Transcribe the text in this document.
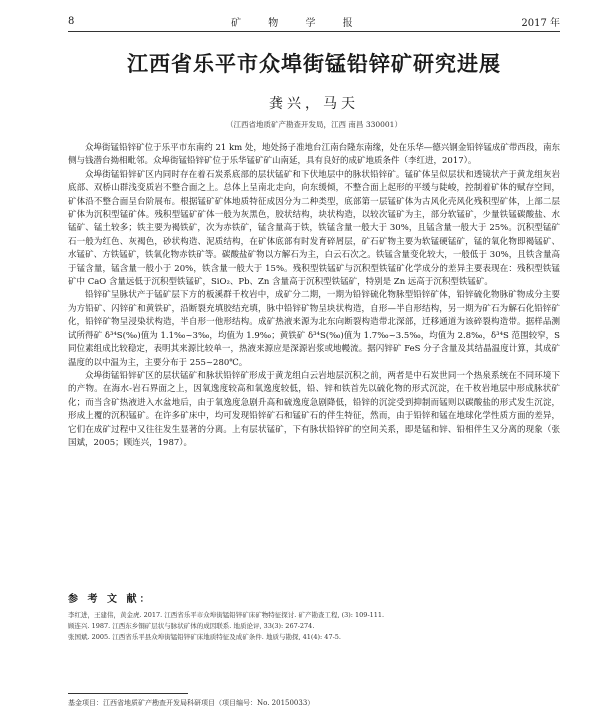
8	矿 物 学 报	2017 年
江西省乐平市众埠街锰铅锌矿研究进展
龚兴，马天
（江西省地质矿产勘查开发局，江西 南昌 330001）

众埠街锰铅锌矿位于乐平市东南约 21 km 处，地处扬子准地台江南台隆东南缘，处在乐华—德兴钢金铅锌锰成矿带西段，南东侧与钱潜台拗相毗邻。众埠街锰铅锌矿位于乐华锰矿矿山南延，具有良好的成矿地质条件（李红进，2017）。

众埠街锰铅锌矿区内同时存在着石炭系底部的层状锰矿和下伏地层中的脉状铅锌矿。锰矿体呈似层状和透镜状产于黄龙组灰岩底部、双桥山群浅变质岩不整合面之上。总体上呈南北走向，向东缓倾，不整合面上起形的平缓与陡峻，控制着矿体的赋存空间，矿体沿不整合面呈台阶展布。根据锰矿矿体地质特征成因分为二种类型，底部第一层锰矿体为古风化壳风化残积型矿体，上部二层矿体为沉积型锰矿体。残积型锰矿矿体一般为灰黑色，胶状结构，块状构造，以较次锰矿为主，部分软锰矿，少量铁锰碳酸盐、水锰矿、锰土较多；铁主要为褐铁矿，次为赤铁矿，锰含量高于铁，铁锰含量一般大于 30%，且锰含量一般大于 25%。沉积型锰矿石一般为红色、灰褐色，砂状构造、泥质结构，在矿体底部有时发育碎屑层，矿石矿物主要为软锰硬锰矿，锰的氧化物即褐锰矿、水锰矿、方铁锰矿，铁氧化物赤铁矿等。碳酸盐矿物以方解石为主，白云石次之。铁锰含量变化较大，一般低于 30%，且铁含量高于锰含量，锰含量一般小于 20%，铁含量一般大于 15%。残积型铁锰矿与沉积型铁锰矿化学成分的差异主要表现在：残积型铁锰矿中 CaO 含量远低于沉积型铁锰矿，SiO₂、Pb、Zn 含量高于沉积型铁锰矿，特别是 Zn 远高于沉积型铁锰矿。

铅锌矿呈脉状产于锰矿层下方的板溪群千枚岩中，成矿分二期，一期为铅锌硫化物脉型铅锌矿体，铅锌硫化物脉矿物成分主要为方铅矿、闪锌矿和黄铁矿，沿断裂充填胶结充填，脉中铅锌矿物呈块状构造，自形—半自形结构，另一期为矿石为解石化铅锌矿化，铅锌矿物呈浸染状构造，半自形一他形结构。成矿热液来源为北东向断裂构造带北深部，迁移通道为该碎裂构造带。据样品测试所得矿 δ³⁴S(‰)值为 1.1‰~3‰，均值为 1.9‰；黄铁矿 δ³⁴S(‰)值为 1.7‰~3.5‰，均值为 2.8‰，δ³⁴S 范围较窄，S 同位素组成比较稳定，表明其来源比较单一，热液来源应是深源岩浆或地幔流。据闪锌矿 FeS 分子含量及其结晶温度计算，其成矿温度的以中温为主，主要分布于 255~280℃。

众埠街锰铅锌矿区的层状锰矿和脉状铅锌矿形成于黄龙组白云岩地层沉积之前，两者是中石炭世同一个热泉系统在不同环境下的产物。在海水-岩石界面之上，因氧逸度较高和氧逸度较低，铅、锌和铁首先以硫化物的形式沉淀，在千枚岩地层中形成脉状矿化；而当含矿热液进入水盆地后，由于氧逸度急剧升高和硫逸度急剧降低，铅锌的沉淀受到抑制而锰则以碳酸盐的形式发生沉淀，形成上覆的沉积锰矿。在许多矿床中，均可发现铅锌矿石和锰矿石的伴生特征，然而，由于铅锌和锰在地球化学性质方面的差异，它们在成矿过程中又往往发生显著的分离。上有层状锰矿，下有脉状铅锌矿的空间关系，即是锰和锌、铅相伴生又分离的现象（张国斌，2005；顾连兴，1987）。

参 考 文 献：
李红进，王建伟，黄金虎. 2017. 江西省乐平市众埠街锰铅锌矿床矿物特征探讨. 矿产勘查工程, (3): 109-111.
顾连兴. 1987. 江西东乡铜矿层状与脉状矿体的成因联系. 地质论评, 33(3): 267-274.
张国斌. 2005. 江西省乐平县众埠街锰铅锌矿床地质特征及成矿条件. 地质与勘探, 41(4): 47-5.
基金项目：江西省地质矿产勘查开发局科研项目（项目编号：No. 20150033）
